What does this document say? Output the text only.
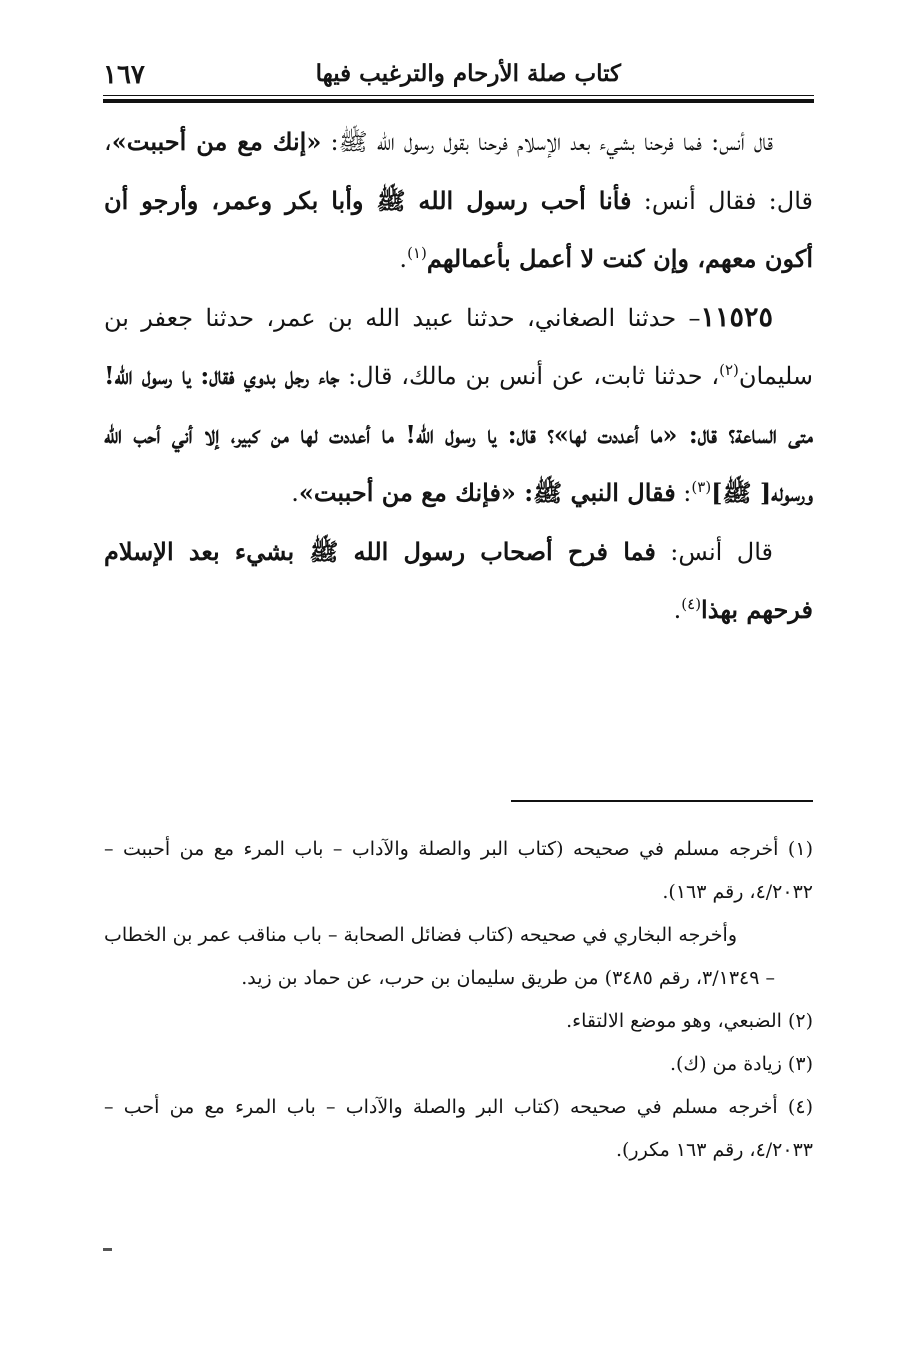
كتاب صلة الأرحام والترغيب فيها
١٦٧

قال أنس: فما فرحنا بشيء بعد الإسلام فرحنا بقول رسول الله ﷺ: «إنك مع من أحببت»، قال: فقال أنس: فأنا أحب رسول الله ﷺ وأبا بكر وعمر، وأرجو أن أكون معهم، وإن كنت لا أعمل بأعمالهم$^{(١)}$.

١١٥٢٥– حدثنا الصغاني، حدثنا عبيد الله بن عمر، حدثنا جعفر بن سليمان$^{(٢)}$، حدثنا ثابت، عن أنس بن مالك، قال: جاء رجل بدوي فقال: يا رسول الله! متى الساعة؟ قال: «ما أعددت لها»؟ قال: يا رسول الله! ما أعددت لها من كبير، إلا أني أحب الله ورسوله[ ﷺ]$^{(٣)}$: فقال النبي ﷺ: «فإنك مع من أحببت».

قال أنس: فما فرح أصحاب رسول الله ﷺ بشيء بعد الإسلام فرحهم بهذا$^{(٤)}$.

(١) أخرجه مسلم في صحيحه (كتاب البر والصلة والآداب – باب المرء مع من أحببت – ٤/٢٠٣٢، رقم ١٦٣).

وأخرجه البخاري في صحيحه (كتاب فضائل الصحابة – باب مناقب عمر بن الخطاب – ٣/١٣٤٩، رقم ٣٤٨٥) من طريق سليمان بن حرب، عن حماد بن زيد.

(٢) الضبعي، وهو موضع الالتقاء.

(٣) زيادة من (ك).

(٤) أخرجه مسلم في صحيحه (كتاب البر والصلة والآداب – باب المرء مع من أحب – ٤/٢٠٣٣، رقم ١٦٣ مكرر).
